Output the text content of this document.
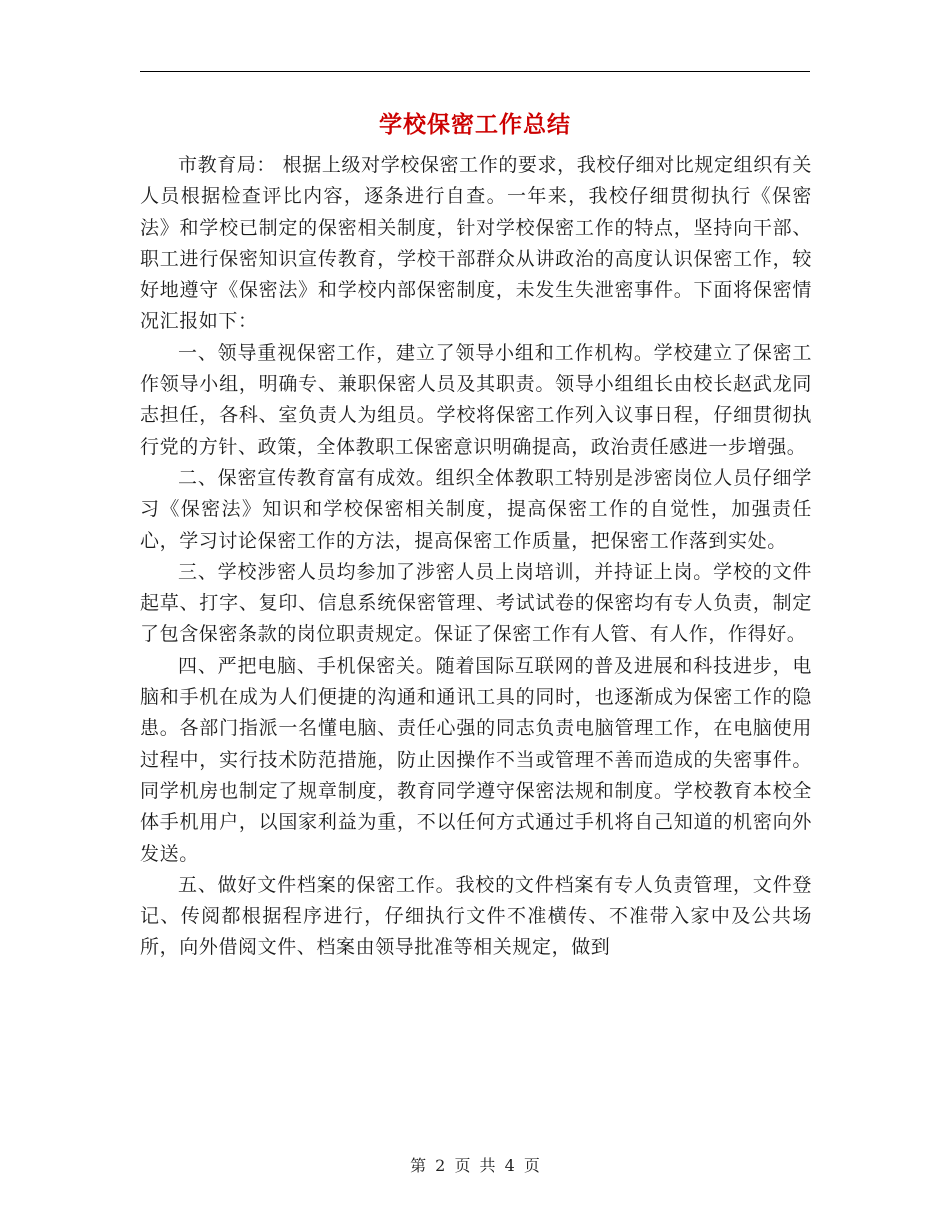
学校保密工作总结

市教育局： 根据上级对学校保密工作的要求，我校仔细对比规定组织有关人员根据检查评比内容，逐条进行自查。一年来，我校仔细贯彻执行《保密法》和学校已制定的保密相关制度，针对学校保密工作的特点，坚持向干部、职工进行保密知识宣传教育，学校干部群众从讲政治的高度认识保密工作，较好地遵守《保密法》和学校内部保密制度，未发生失泄密事件。下面将保密情况汇报如下：

一、领导重视保密工作，建立了领导小组和工作机构。学校建立了保密工作领导小组，明确专、兼职保密人员及其职责。领导小组组长由校长赵武龙同志担任，各科、室负责人为组员。学校将保密工作列入议事日程，仔细贯彻执行党的方针、政策，全体教职工保密意识明确提高，政治责任感进一步增强。

二、保密宣传教育富有成效。组织全体教职工特别是涉密岗位人员仔细学习《保密法》知识和学校保密相关制度，提高保密工作的自觉性，加强责任心，学习讨论保密工作的方法，提高保密工作质量，把保密工作落到实处。

三、学校涉密人员均参加了涉密人员上岗培训，并持证上岗。学校的文件起草、打字、复印、信息系统保密管理、考试试卷的保密均有专人负责，制定了包含保密条款的岗位职责规定。保证了保密工作有人管、有人作，作得好。

四、严把电脑、手机保密关。随着国际互联网的普及进展和科技进步，电脑和手机在成为人们便捷的沟通和通讯工具的同时，也逐渐成为保密工作的隐患。各部门指派一名懂电脑、责任心强的同志负责电脑管理工作，在电脑使用过程中，实行技术防范措施，防止因操作不当或管理不善而造成的失密事件。同学机房也制定了规章制度，教育同学遵守保密法规和制度。学校教育本校全体手机用户，以国家利益为重，不以任何方式通过手机将自己知道的机密向外发送。

五、做好文件档案的保密工作。我校的文件档案有专人负责管理，文件登记、传阅都根据程序进行，仔细执行文件不准横传、不准带入家中及公共场所，向外借阅文件、档案由领导批准等相关规定，做到

第 2 页 共 4 页
